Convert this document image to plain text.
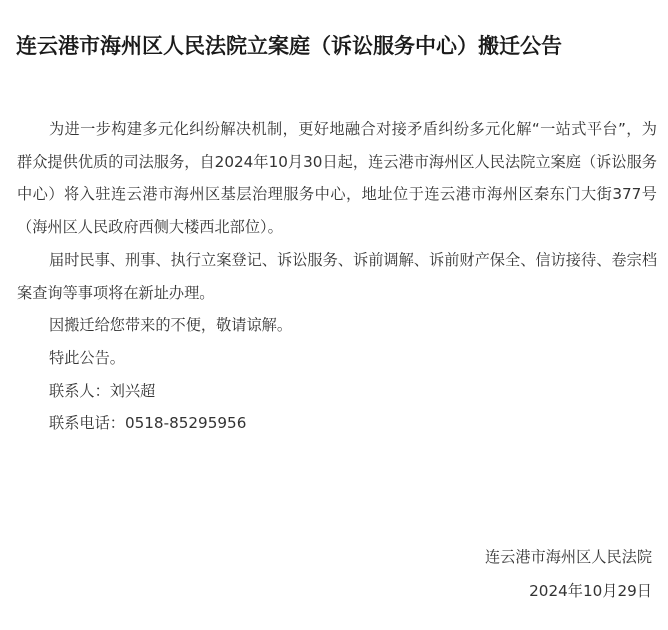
连云港市海州区人民法院立案庭（诉讼服务中心）搬迁公告

为进一步构建多元化纠纷解决机制，更好地融合对接矛盾纠纷多元化解“一站式平台”，为群众提供优质的司法服务，自2024年10月30日起，连云港市海州区人民法院立案庭（诉讼服务中心）将入驻连云港市海州区基层治理服务中心，地址位于连云港市海州区秦东门大街377号（海州区人民政府西侧大楼西北部位）。

届时民事、刑事、执行立案登记、诉讼服务、诉前调解、诉前财产保全、信访接待、卷宗档案查询等事项将在新址办理。

因搬迁给您带来的不便，敬请谅解。

特此公告。

联系人：刘兴超

联系电话：0518-85295956

连云港市海州区人民法院
2024年10月29日
